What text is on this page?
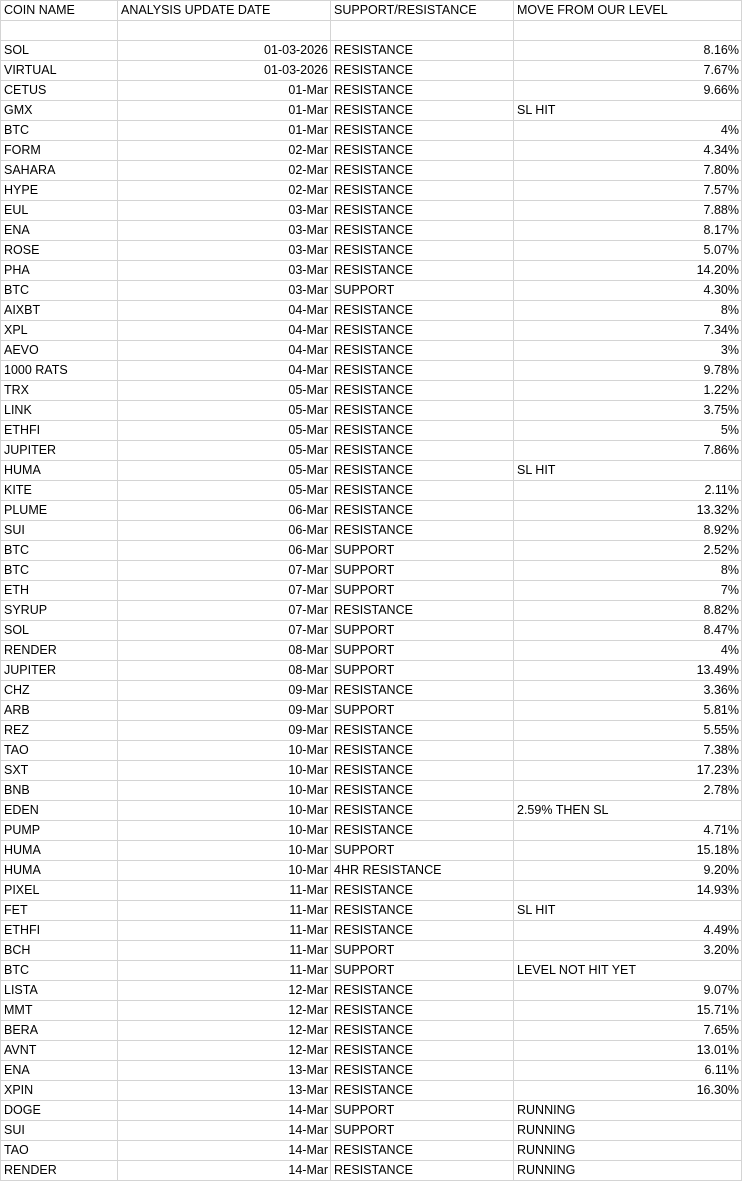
COIN NAME	ANALYSIS UPDATE DATE	SUPPORT/RESISTANCE	MOVE FROM OUR LEVEL

SOL	01-03-2026	RESISTANCE	8.16%
VIRTUAL	01-03-2026	RESISTANCE	7.67%
CETUS	01-Mar	RESISTANCE	9.66%
GMX	01-Mar	RESISTANCE	SL HIT
BTC	01-Mar	RESISTANCE	4%
FORM	02-Mar	RESISTANCE	4.34%
SAHARA	02-Mar	RESISTANCE	7.80%
HYPE	02-Mar	RESISTANCE	7.57%
EUL	03-Mar	RESISTANCE	7.88%
ENA	03-Mar	RESISTANCE	8.17%
ROSE	03-Mar	RESISTANCE	5.07%
PHA	03-Mar	RESISTANCE	14.20%
BTC	03-Mar	SUPPORT	4.30%
AIXBT	04-Mar	RESISTANCE	8%
XPL	04-Mar	RESISTANCE	7.34%
AEVO	04-Mar	RESISTANCE	3%
1000 RATS	04-Mar	RESISTANCE	9.78%
TRX	05-Mar	RESISTANCE	1.22%
LINK	05-Mar	RESISTANCE	3.75%
ETHFI	05-Mar	RESISTANCE	5%
JUPITER	05-Mar	RESISTANCE	7.86%
HUMA	05-Mar	RESISTANCE	SL HIT
KITE	05-Mar	RESISTANCE	2.11%
PLUME	06-Mar	RESISTANCE	13.32%
SUI	06-Mar	RESISTANCE	8.92%
BTC	06-Mar	SUPPORT	2.52%
BTC	07-Mar	SUPPORT	8%
ETH	07-Mar	SUPPORT	7%
SYRUP	07-Mar	RESISTANCE	8.82%
SOL	07-Mar	SUPPORT	8.47%
RENDER	08-Mar	SUPPORT	4%
JUPITER	08-Mar	SUPPORT	13.49%
CHZ	09-Mar	RESISTANCE	3.36%
ARB	09-Mar	SUPPORT	5.81%
REZ	09-Mar	RESISTANCE	5.55%
TAO	10-Mar	RESISTANCE	7.38%
SXT	10-Mar	RESISTANCE	17.23%
BNB	10-Mar	RESISTANCE	2.78%
EDEN	10-Mar	RESISTANCE	2.59% THEN SL
PUMP	10-Mar	RESISTANCE	4.71%
HUMA	10-Mar	SUPPORT	15.18%
HUMA	10-Mar	4HR RESISTANCE	9.20%
PIXEL	11-Mar	RESISTANCE	14.93%
FET	11-Mar	RESISTANCE	SL HIT
ETHFI	11-Mar	RESISTANCE	4.49%
BCH	11-Mar	SUPPORT	3.20%
BTC	11-Mar	SUPPORT	LEVEL NOT HIT YET
LISTA	12-Mar	RESISTANCE	9.07%
MMT	12-Mar	RESISTANCE	15.71%
BERA	12-Mar	RESISTANCE	7.65%
AVNT	12-Mar	RESISTANCE	13.01%
ENA	13-Mar	RESISTANCE	6.11%
XPIN	13-Mar	RESISTANCE	16.30%
DOGE	14-Mar	SUPPORT	RUNNING
SUI	14-Mar	SUPPORT	RUNNING
TAO	14-Mar	RESISTANCE	RUNNING
RENDER	14-Mar	RESISTANCE	RUNNING
